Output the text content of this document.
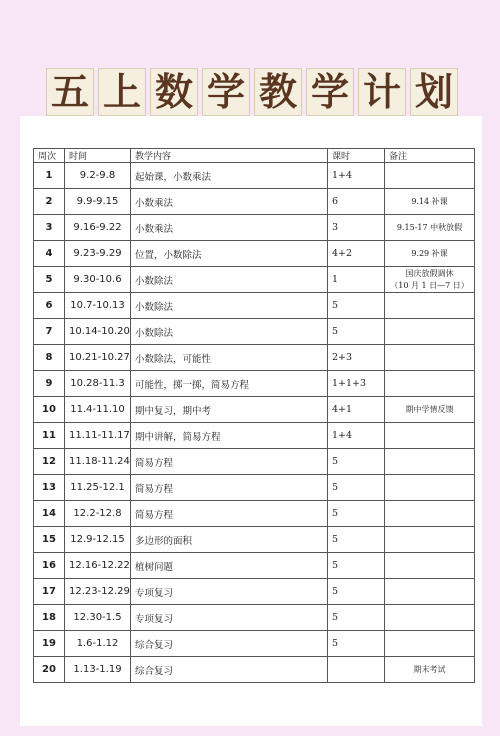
五 上 数 学 教 学 计 划
周次	时间	教学内容	课时	备注
1	9.2-9.8	起始课，小数乘法	1+4	
2	9.9-9.15	小数乘法	6	9.14 补课

3	9.16-9.22	小数乘法	3	9.15-17 中秋放假

4	9.23-9.29	位置，小数除法	4+2	9.29 补课

5	9.30-10.6	小数除法	1	国庆放假调休
（10 月 1 日—7 日）

6	10.7-10.13	小数除法	5	
7	10.14-10.20	小数除法	5	
8	10.21-10.27	小数除法，可能性	2+3	
9	10.28-11.3	可能性，掷一掷，简易方程	1+1+3	
10	11.4-11.10	期中复习，期中考	4+1	期中学情反馈

11	11.11-11.17	期中讲解，简易方程	1+4	
12	11.18-11.24	简易方程	5	
13	11.25-12.1	简易方程	5	
14	12.2-12.8	简易方程	5	
15	12.9-12.15	多边形的面积	5	
16	12.16-12.22	植树问题	5	
17	12.23-12.29	专项复习	5	
18	12.30-1.5	专项复习	5	
19	1.6-1.12	综合复习	5	
20	1.13-1.19	综合复习		期末考试
